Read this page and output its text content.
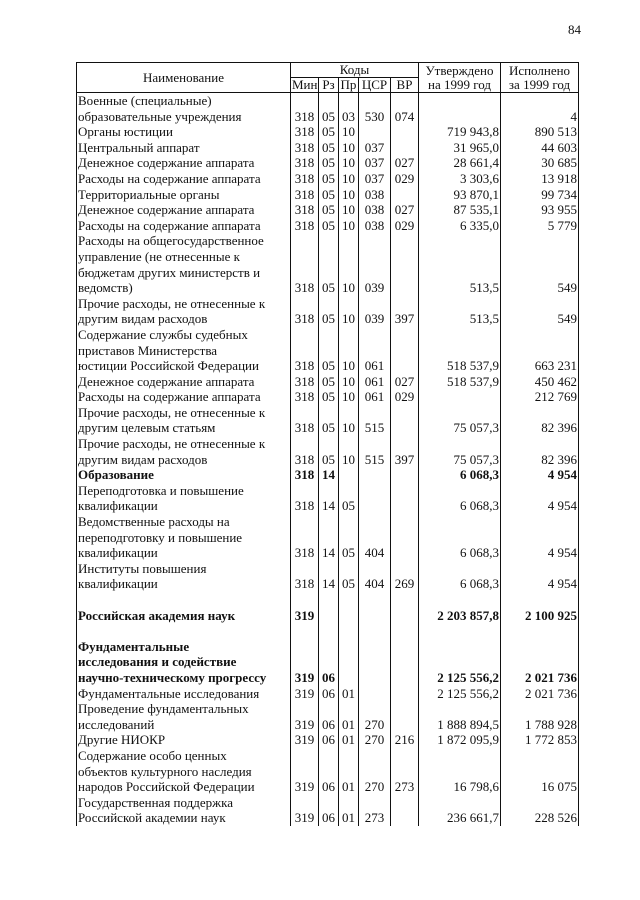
84
Наименование	Коды					Утверждено на 1999 год	Исполнено за 1999 год
	Мин	Рз	Пр	ЦСР	ВР		
Военные (специальные)							
образовательные учреждения	318	05	03	530	074		4
Органы юстиции	318	05	10			719 943,8	890 513
Центральный аппарат	318	05	10	037		31 965,0	44 603
Денежное содержание аппарата	318	05	10	037	027	28 661,4	30 685
Расходы на содержание аппарата	318	05	10	037	029	3 303,6	13 918
Территориальные органы	318	05	10	038		93 870,1	99 734
Денежное содержание аппарата	318	05	10	038	027	87 535,1	93 955
Расходы на содержание аппарата	318	05	10	038	029	6 335,0	5 779
Расходы на общегосударственное							
управление (не отнесенные к							
бюджетам других министерств и							
ведомств)	318	05	10	039		513,5	549
Прочие расходы, не отнесенные к							
другим видам расходов	318	05	10	039	397	513,5	549
Содержание службы судебных							
приставов Министерства							
юстиции Российской Федерации	318	05	10	061		518 537,9	663 231
Денежное содержание аппарата	318	05	10	061	027	518 537,9	450 462
Расходы на содержание аппарата	318	05	10	061	029		212 769
Прочие расходы, не отнесенные к							
другим целевым статьям	318	05	10	515		75 057,3	82 396
Прочие расходы, не отнесенные к							
другим видам расходов	318	05	10	515	397	75 057,3	82 396
Образование	318	14				6 068,3	4 954
Переподготовка и повышение							
квалификации	318	14	05			6 068,3	4 954
Ведомственные расходы на							
переподготовку и повышение							
квалификации	318	14	05	404		6 068,3	4 954
Институты повышения							
квалификации	318	14	05	404	269	6 068,3	4 954

Российская академия наук	319					2 203 857,8	2 100 925

Фундаментальные							
исследования и содействие							
научно-техническому прогрессу	319	06				2 125 556,2	2 021 736
Фундаментальные исследования	319	06	01			2 125 556,2	2 021 736
Проведение фундаментальных							
исследований	319	06	01	270		1 888 894,5	1 788 928
Другие НИОКР	319	06	01	270	216	1 872 095,9	1 772 853
Содержание особо ценных							
объектов культурного наследия							
народов Российской Федерации	319	06	01	270	273	16 798,6	16 075
Государственная поддержка							
Российской академии наук	319	06	01	273		236 661,7	228 526
